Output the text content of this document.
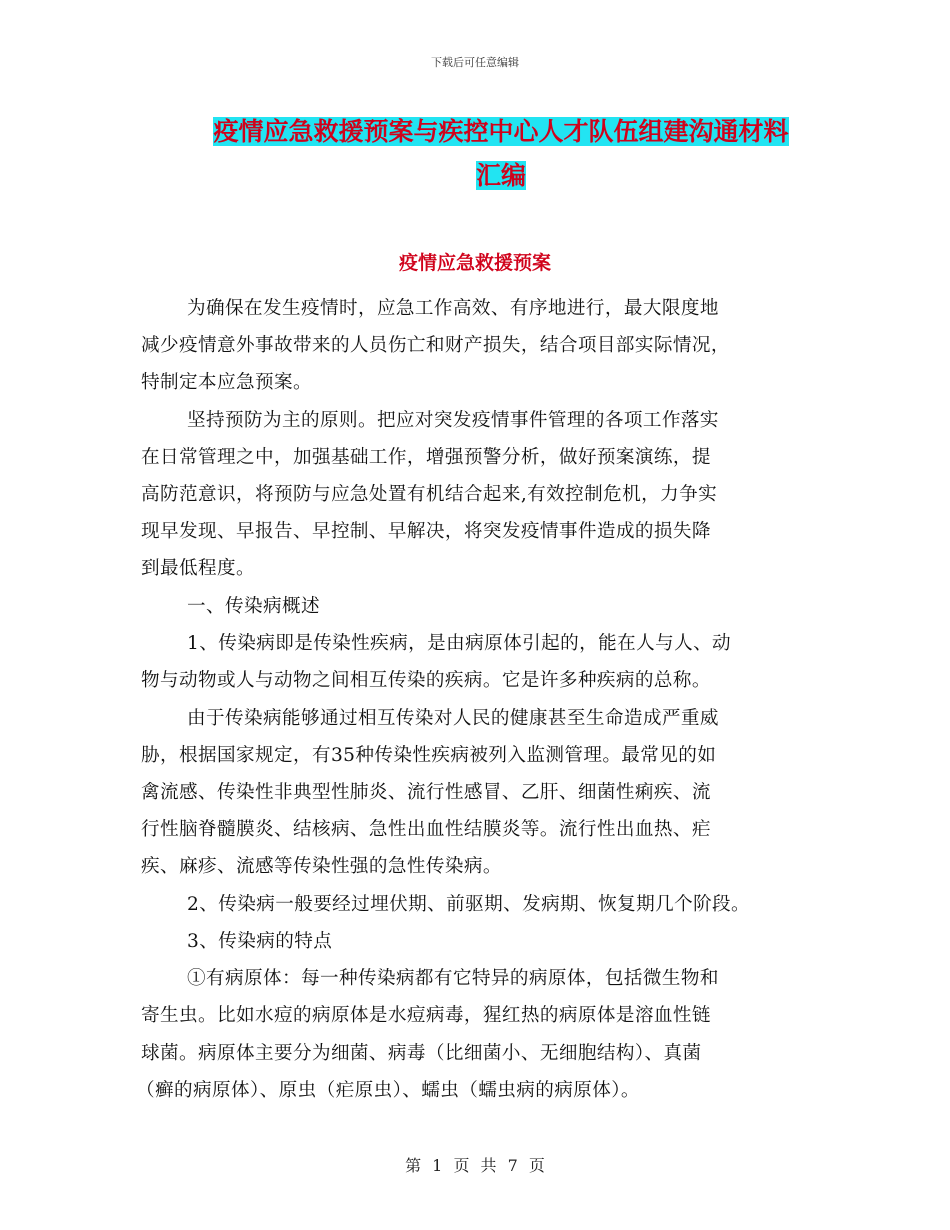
下载后可任意编辑
疫情应急救援预案与疾控中心人才队伍组建沟通材料
汇编
疫情应急救援预案
为确保在发生疫情时，应急工作高效、有序地进行，最大限度地
减少疫情意外事故带来的人员伤亡和财产损失，结合项目部实际情况，
特制定本应急预案。
坚持预防为主的原则。把应对突发疫情事件管理的各项工作落实
在日常管理之中，加强基础工作，增强预警分析，做好预案演练，提
高防范意识，将预防与应急处置有机结合起来,有效控制危机，力争实
现早发现、早报告、早控制、早解决，将突发疫情事件造成的损失降
到最低程度。
一、传染病概述
1、传染病即是传染性疾病，是由病原体引起的，能在人与人、动
物与动物或人与动物之间相互传染的疾病。它是许多种疾病的总称。
由于传染病能够通过相互传染对人民的健康甚至生命造成严重威
胁，根据国家规定，有35种传染性疾病被列入监测管理。最常见的如
禽流感、传染性非典型性肺炎、流行性感冒、乙肝、细菌性痢疾、流
行性脑脊髓膜炎、结核病、急性出血性结膜炎等。流行性出血热、疟
疾、麻疹、流感等传染性强的急性传染病。
2、传染病一般要经过埋伏期、前驱期、发病期、恢复期几个阶段。
3、传染病的特点
①有病原体：每一种传染病都有它特异的病原体，包括微生物和
寄生虫。比如水痘的病原体是水痘病毒，猩红热的病原体是溶血性链
球菌。病原体主要分为细菌、病毒（比细菌小、无细胞结构）、真菌
（癣的病原体）、原虫（疟原虫）、蠕虫（蠕虫病的病原体）。
第 1 页 共 7 页
